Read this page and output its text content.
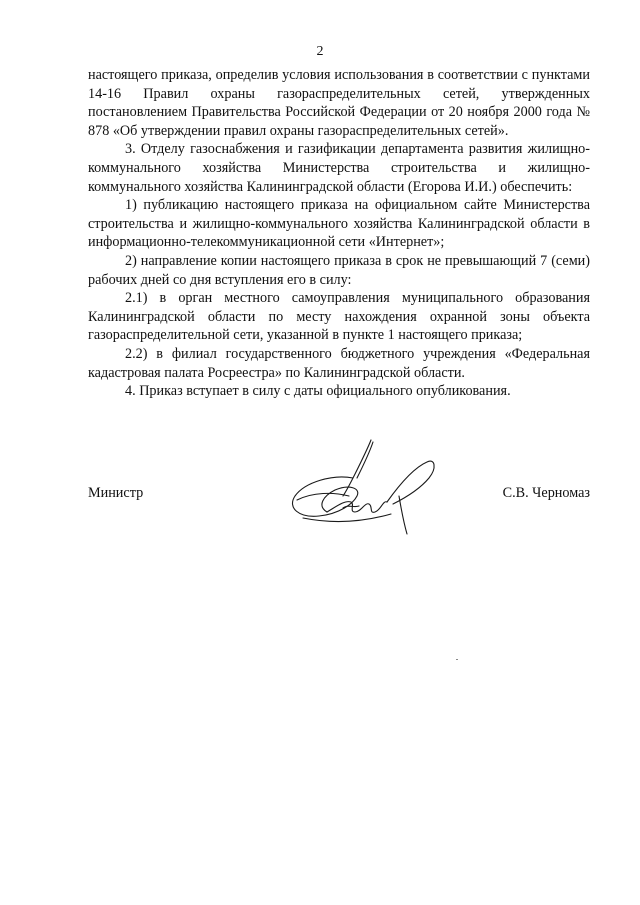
2

настоящего приказа, определив условия использования в соответствии с пунктами 14-16 Правил охраны газораспределительных сетей, утвержденных постановлением Правительства Российской Федерации от 20 ноября 2000 года № 878 «Об утверждении правил охраны газораспределительных сетей».

3. Отделу газоснабжения и газификации департамента развития жилищно-коммунального хозяйства Министерства строительства и жилищно-коммунального хозяйства Калининградской области (Егорова И.И.) обеспечить:

1) публикацию настоящего приказа на официальном сайте Министерства строительства и жилищно-коммунального хозяйства Калининградской области в информационно-телекоммуникационной сети «Интернет»;

2) направление копии настоящего приказа в срок не превышающий 7 (семи) рабочих дней со дня вступления его в силу:

2.1) в орган местного самоуправления муниципального образования Калининградской области по месту нахождения охранной зоны объекта газораспределительной сети, указанной в пункте 1 настоящего приказа;

2.2) в филиал государственного бюджетного учреждения «Федеральная кадастровая палата Росреестра» по Калининградской области.

4. Приказ вступает в силу с даты официального опубликования.

Министр	С.В. Черномаз
